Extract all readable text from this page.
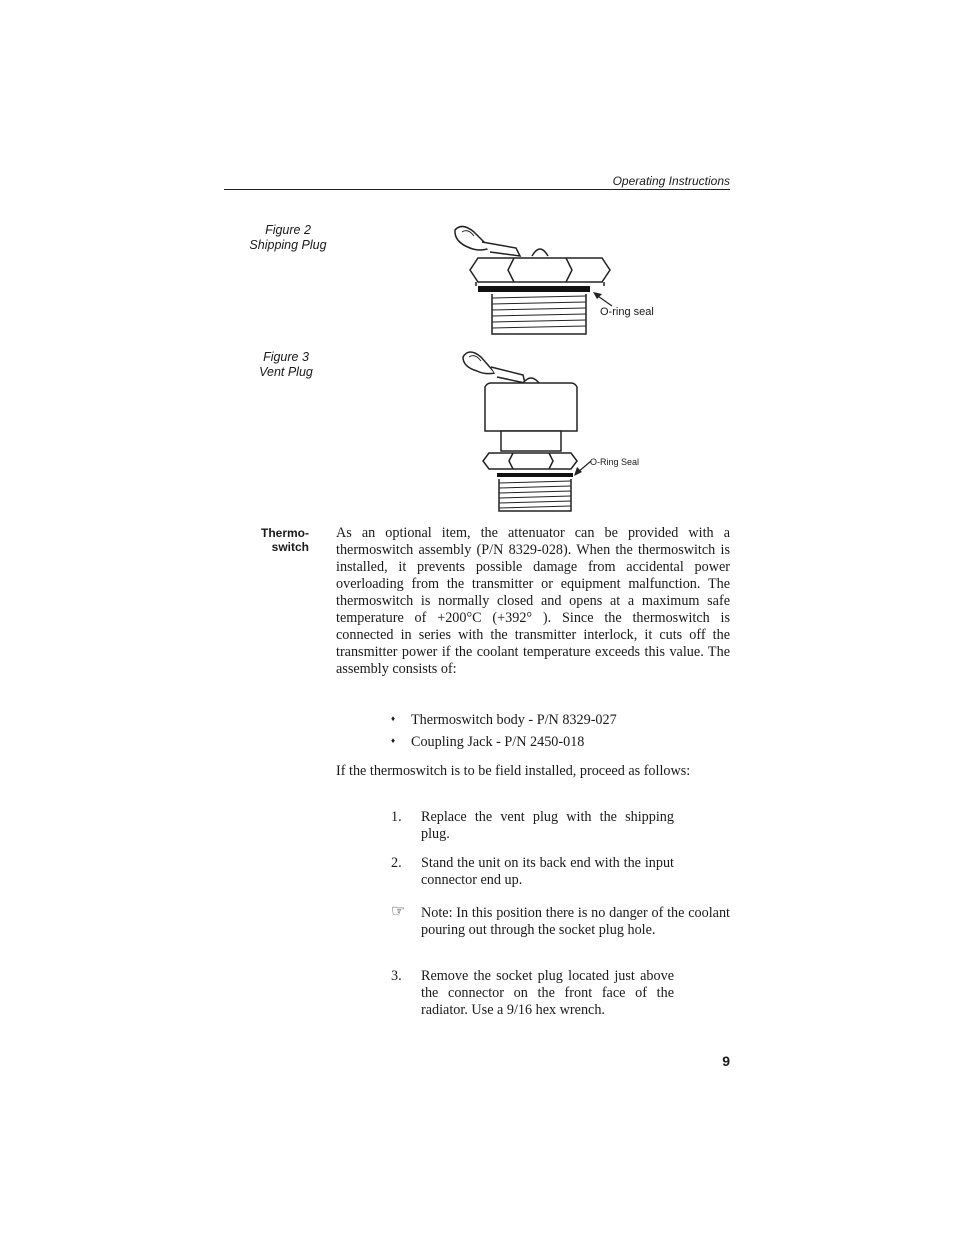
Operating Instructions
Figure 2
Shipping Plug
O-ring seal
Figure 3
Vent Plug
O-Ring Seal
Thermo-
switch
As an optional item, the attenuator can be provided with a thermoswitch assembly (P/N 8329-028). When the thermoswitch is installed, it prevents possible damage from accidental power overloading from the transmitter or equipment malfunction. The thermoswitch is normally closed and opens at a maximum safe temperature of +200°C (+392° ). Since the thermoswitch is connected in series with the transmitter interlock, it cuts off the transmitter power if the coolant temperature exceeds this value. The assembly consists of:
♦ Thermoswitch body - P/N 8329-027
♦ Coupling Jack - P/N 2450-018
If the thermoswitch is to be field installed, proceed as follows:
1.	Replace the vent plug with the shipping plug.
2.	Stand the unit on its back end with the input connector end up.
☞	Note: In this position there is no danger of the coolant pouring out through the socket plug hole.
3.	Remove the socket plug located just above the connector on the front face of the radiator. Use a 9/16 hex wrench.
9
